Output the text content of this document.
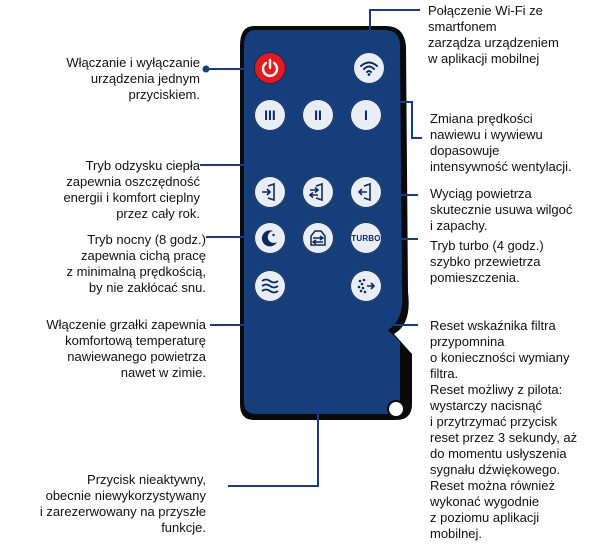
III	II	I
TURBO
Włączanie i wyłączanie
urządzenia jednym
przyciskiem.
Połączenie Wi-Fi ze
smartfonem
zarządza urządzeniem
w aplikacji mobilnej
Zmiana prędkości
nawiewu i wywiewu
dopasowuje
intensywność wentylacji.
Tryb odzysku ciepła
zapewnia oszczędność
energii i komfort cieplny
przez cały rok.
Wyciąg powietrza
skutecznie usuwa wilgoć
i zapachy.
Tryb nocny (8 godz.)
zapewnia cichą pracę
z minimalną prędkością,
by nie zakłócać snu.
Tryb turbo (4 godz.)
szybko przewietrza
pomieszczenia.
Włączenie grzałki zapewnia
komfortową temperaturę
nawiewanego powietrza
nawet w zimie.
Reset wskaźnika filtra
przypomnina
o konieczności wymiany
filtra.
Reset możliwy z pilota:
wystarczy nacisnąć
i przytrzymać przycisk
reset przez 3 sekundy, aż
do momentu usłyszenia
sygnału dźwiękowego.
Reset można również
wykonać wygodnie
z poziomu aplikacji
mobilnej.
Przycisk nieaktywny,
obecnie niewykorzystywany
i zarezerwowany na przyszłe
funkcje.
